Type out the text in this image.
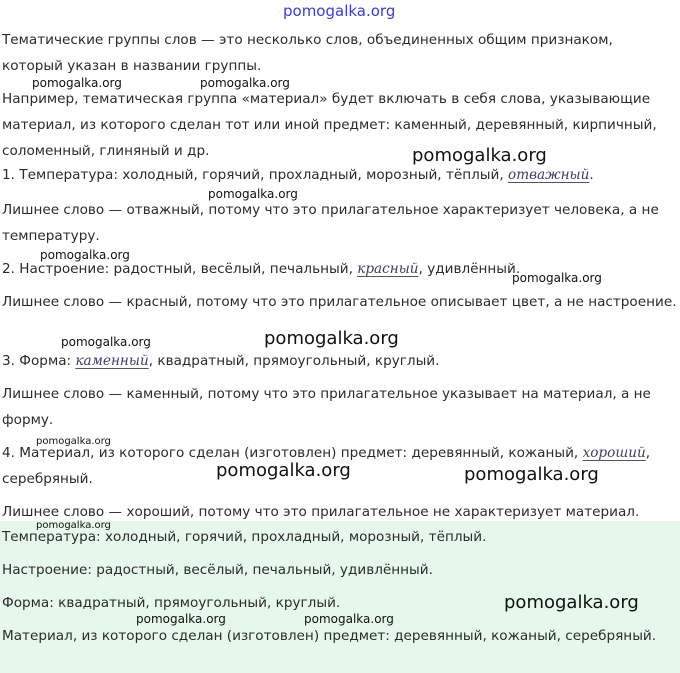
pomogalka.org

Тематические группы слов — это несколько слов, объединенных общим признаком, который указан в названии группы.

Например, тематическая группа «материал» будет включать в себя слова, указывающие материал, из которого сделан тот или иной предмет: каменный, деревянный, кирпичный, соломенный, глиняный и др.

1. Температура: холодный, горячий, прохладный, морозный, тёплый, отважный.

Лишнее слово — отважный, потому что это прилагательное характеризует человека, а не температуру.

2. Настроение: радостный, весёлый, печальный, красный, удивлённый.

Лишнее слово — красный, потому что это прилагательное описывает цвет, а не настроение.

3. Форма: каменный, квадратный, прямоугольный, круглый.

Лишнее слово — каменный, потому что это прилагательное указывает на материал, а не форму.

4. Материал, из которого сделан (изготовлен) предмет: деревянный, кожаный, хороший, серебряный.

Лишнее слово — хороший, потому что это прилагательное не характеризует материал.

Температура: холодный, горячий, прохладный, морозный, тёплый.

Настроение: радостный, весёлый, печальный, удивлённый.

Форма: квадратный, прямоугольный, круглый.

Материал, из которого сделан (изготовлен) предмет: деревянный, кожаный, серебряный.

pomogalka.org	pomogalka.org
pomogalka.org
pomogalka.org
pomogalka.org
pomogalka.org
pomogalka.org
pomogalka.org
pomogalka.org
pomogalka.org	pomogalka.org
pomogalka.org
pomogalka.org
pomogalka.org	pomogalka.org
